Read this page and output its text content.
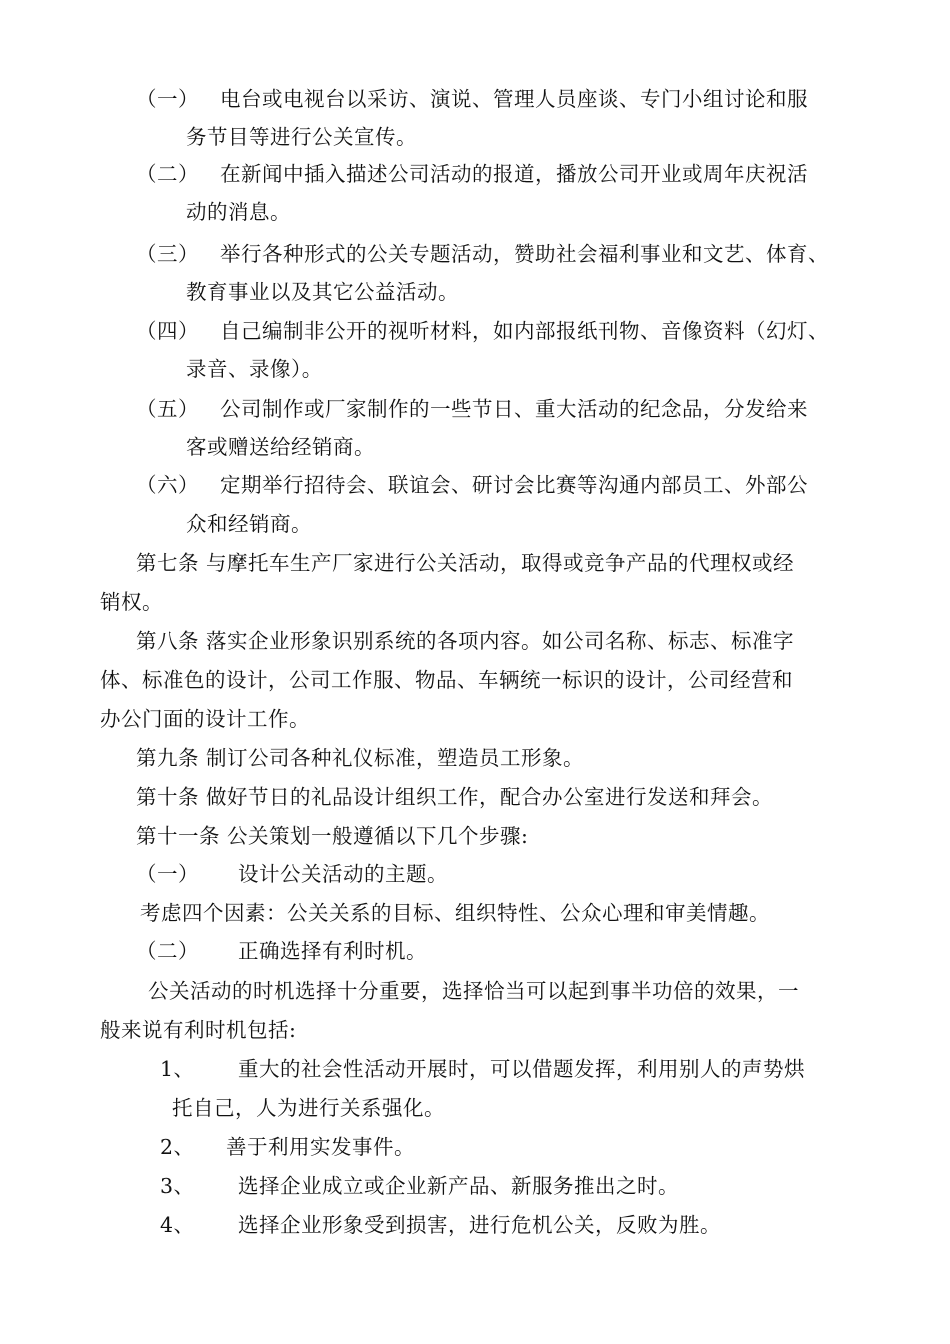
（一） 电台或电视台以采访、演说、管理人员座谈、专门小组讨论和服
务节目等进行公关宣传。
（二） 在新闻中插入描述公司活动的报道，播放公司开业或周年庆祝活
动的消息。
（三） 举行各种形式的公关专题活动，赞助社会福利事业和文艺、体育、
教育事业以及其它公益活动。
（四） 自己编制非公开的视听材料，如内部报纸刊物、音像资料（幻灯、
录音、录像）。
（五） 公司制作或厂家制作的一些节日、重大活动的纪念品，分发给来
客或赠送给经销商。
（六） 定期举行招待会、联谊会、研讨会比赛等沟通内部员工、外部公
众和经销商。
第七条 与摩托车生产厂家进行公关活动，取得或竞争产品的代理权或经
销权。
第八条 落实企业形象识别系统的各项内容。如公司名称、标志、标准字
体、标准色的设计，公司工作服、物品、车辆统一标识的设计，公司经营和
办公门面的设计工作。
第九条 制订公司各种礼仪标准，塑造员工形象。
第十条 做好节日的礼品设计组织工作，配合办公室进行发送和拜会。
第十一条 公关策划一般遵循以下几个步骤:
（一） 设计公关活动的主题。
考虑四个因素：公关关系的目标、组织特性、公众心理和审美情趣。
（二） 正确选择有利时机。
公关活动的时机选择十分重要，选择恰当可以起到事半功倍的效果，一
般来说有利时机包括:
1、 重大的社会性活动开展时，可以借题发挥，利用别人的声势烘
托自己，人为进行关系强化。
2、 善于利用实发事件。
3、 选择企业成立或企业新产品、新服务推出之时。
4、 选择企业形象受到损害，进行危机公关，反败为胜。
